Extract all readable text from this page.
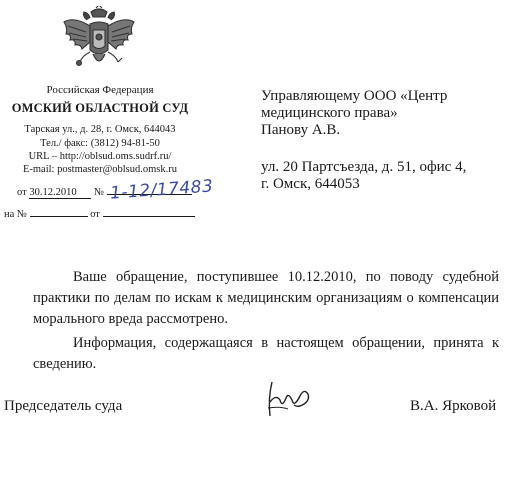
Российская Федерация
ОМСКИЙ ОБЛАСТНОЙ СУД
Тарская ул., д. 28, г. Омск, 644043
Тел./ факс: (3812) 94-81-50
URL – http://oblsud.oms.sudrf.ru/
E-mail: postmaster@oblsud.omsk.ru
от 30.12.2010 № 1-12/17483
на №	от
Управляющему ООО «Центр
медицинского права»
Панову А.В.
ул. 20 Партсъезда, д. 51, офис 4,
г. Омск, 644053
Ваше обращение, поступившее 10.12.2010, по поводу судебной практики по делам по искам к медицинским организациям о компенсации морального вреда рассмотрено.
Информация, содержащаяся в настоящем обращении, принята к сведению.
Председатель суда	В.А. Ярковой
